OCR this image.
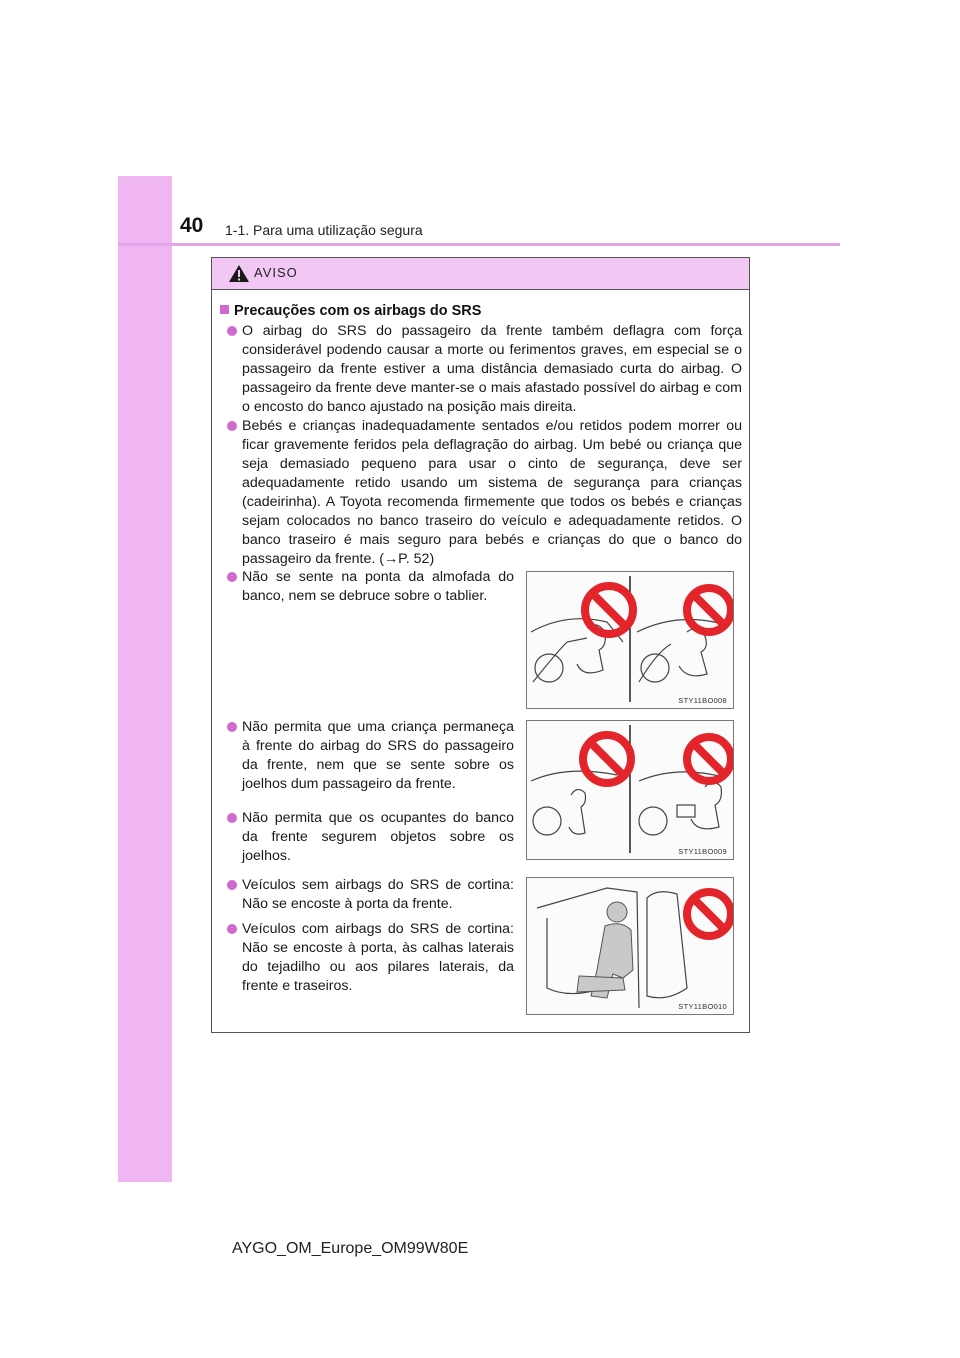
40 1-1. Para uma utilização segura
AVISO
Precauções com os airbags do SRS
O airbag do SRS do passageiro da frente também deflagra com força considerável podendo causar a morte ou ferimentos graves, em especial se o passageiro da frente estiver a uma distância demasiado curta do airbag. O passageiro da frente deve manter-se o mais afastado possível do airbag e com o encosto do banco ajustado na posição mais direita.
Bebés e crianças inadequadamente sentados e/ou retidos podem morrer ou ficar gravemente feridos pela deflagração do airbag. Um bebé ou criança que seja demasiado pequeno para usar o cinto de segurança, deve ser adequadamente retido usando um sistema de segurança para crianças (cadeirinha). A Toyota recomenda firmemente que todos os bebés e crianças sejam colocados no banco traseiro do veículo e adequadamente retidos. O banco traseiro é mais seguro para bebés e crianças do que o banco do passageiro da frente. (→P. 52)
Não se sente na ponta da almofada do banco, nem se debruce sobre o tablier.
STY11BO008
Não permita que uma criança permaneça à frente do airbag do SRS do passageiro da frente, nem que se sente sobre os joelhos dum passageiro da frente.
Não permita que os ocupantes do banco da frente segurem objetos sobre os joelhos.	STY11BO009
Veículos sem airbags do SRS de cortina: Não se encoste à porta da frente.
Veículos com airbags do SRS de cortina: Não se encoste à porta, às calhas laterais do tejadilho ou aos pilares laterais, da frente e traseiros.
STY11BO010
AYGO_OM_Europe_OM99W80E
